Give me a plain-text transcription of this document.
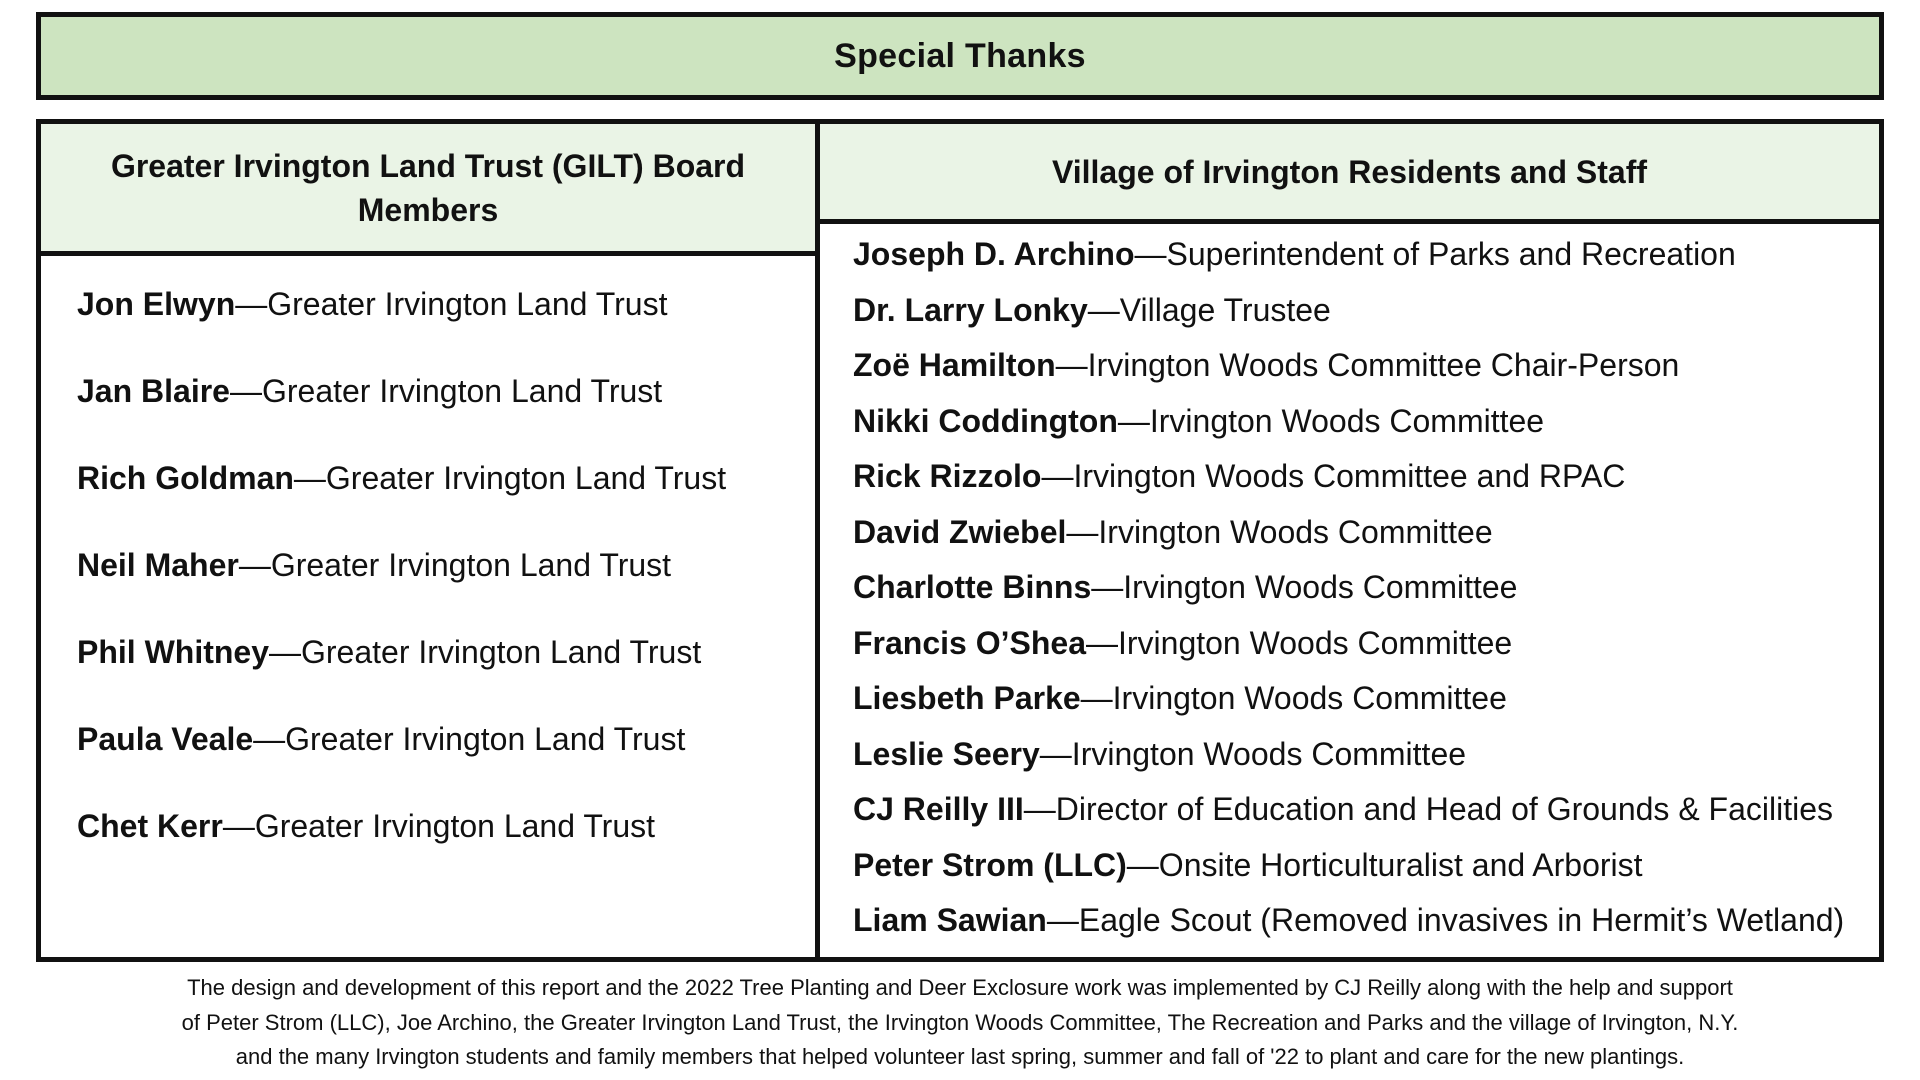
Special Thanks
Greater Irvington Land Trust (GILT) Board Members
Jon Elwyn—Greater Irvington Land Trust
Jan Blaire—Greater Irvington Land Trust
Rich Goldman—Greater Irvington Land Trust
Neil Maher—Greater Irvington Land Trust
Phil Whitney—Greater Irvington Land Trust
Paula Veale—Greater Irvington Land Trust
Chet Kerr—Greater Irvington Land Trust
Village of Irvington Residents and Staff
Joseph D. Archino—Superintendent of Parks and Recreation
Dr. Larry Lonky—Village Trustee
Zoë Hamilton—Irvington Woods Committee Chair-Person
Nikki Coddington—Irvington Woods Committee
Rick Rizzolo—Irvington Woods Committee and RPAC
David Zwiebel—Irvington Woods Committee
Charlotte Binns—Irvington Woods Committee
Francis O’Shea—Irvington Woods Committee
Liesbeth Parke—Irvington Woods Committee
Leslie Seery—Irvington Woods Committee
CJ Reilly III—Director of Education and Head of Grounds & Facilities
Peter Strom (LLC)—Onsite Horticulturalist and Arborist
Liam Sawian—Eagle Scout (Removed invasives in Hermit’s Wetland)
The design and development of this report and the 2022 Tree Planting and Deer Exclosure work was implemented by CJ Reilly along with the help and support
of Peter Strom (LLC), Joe Archino, the Greater Irvington Land Trust, the Irvington Woods Committee, The Recreation and Parks and the village of Irvington, N.Y.
and the many Irvington students and family members that helped volunteer last spring, summer and fall of '22 to plant and care for the new plantings.
